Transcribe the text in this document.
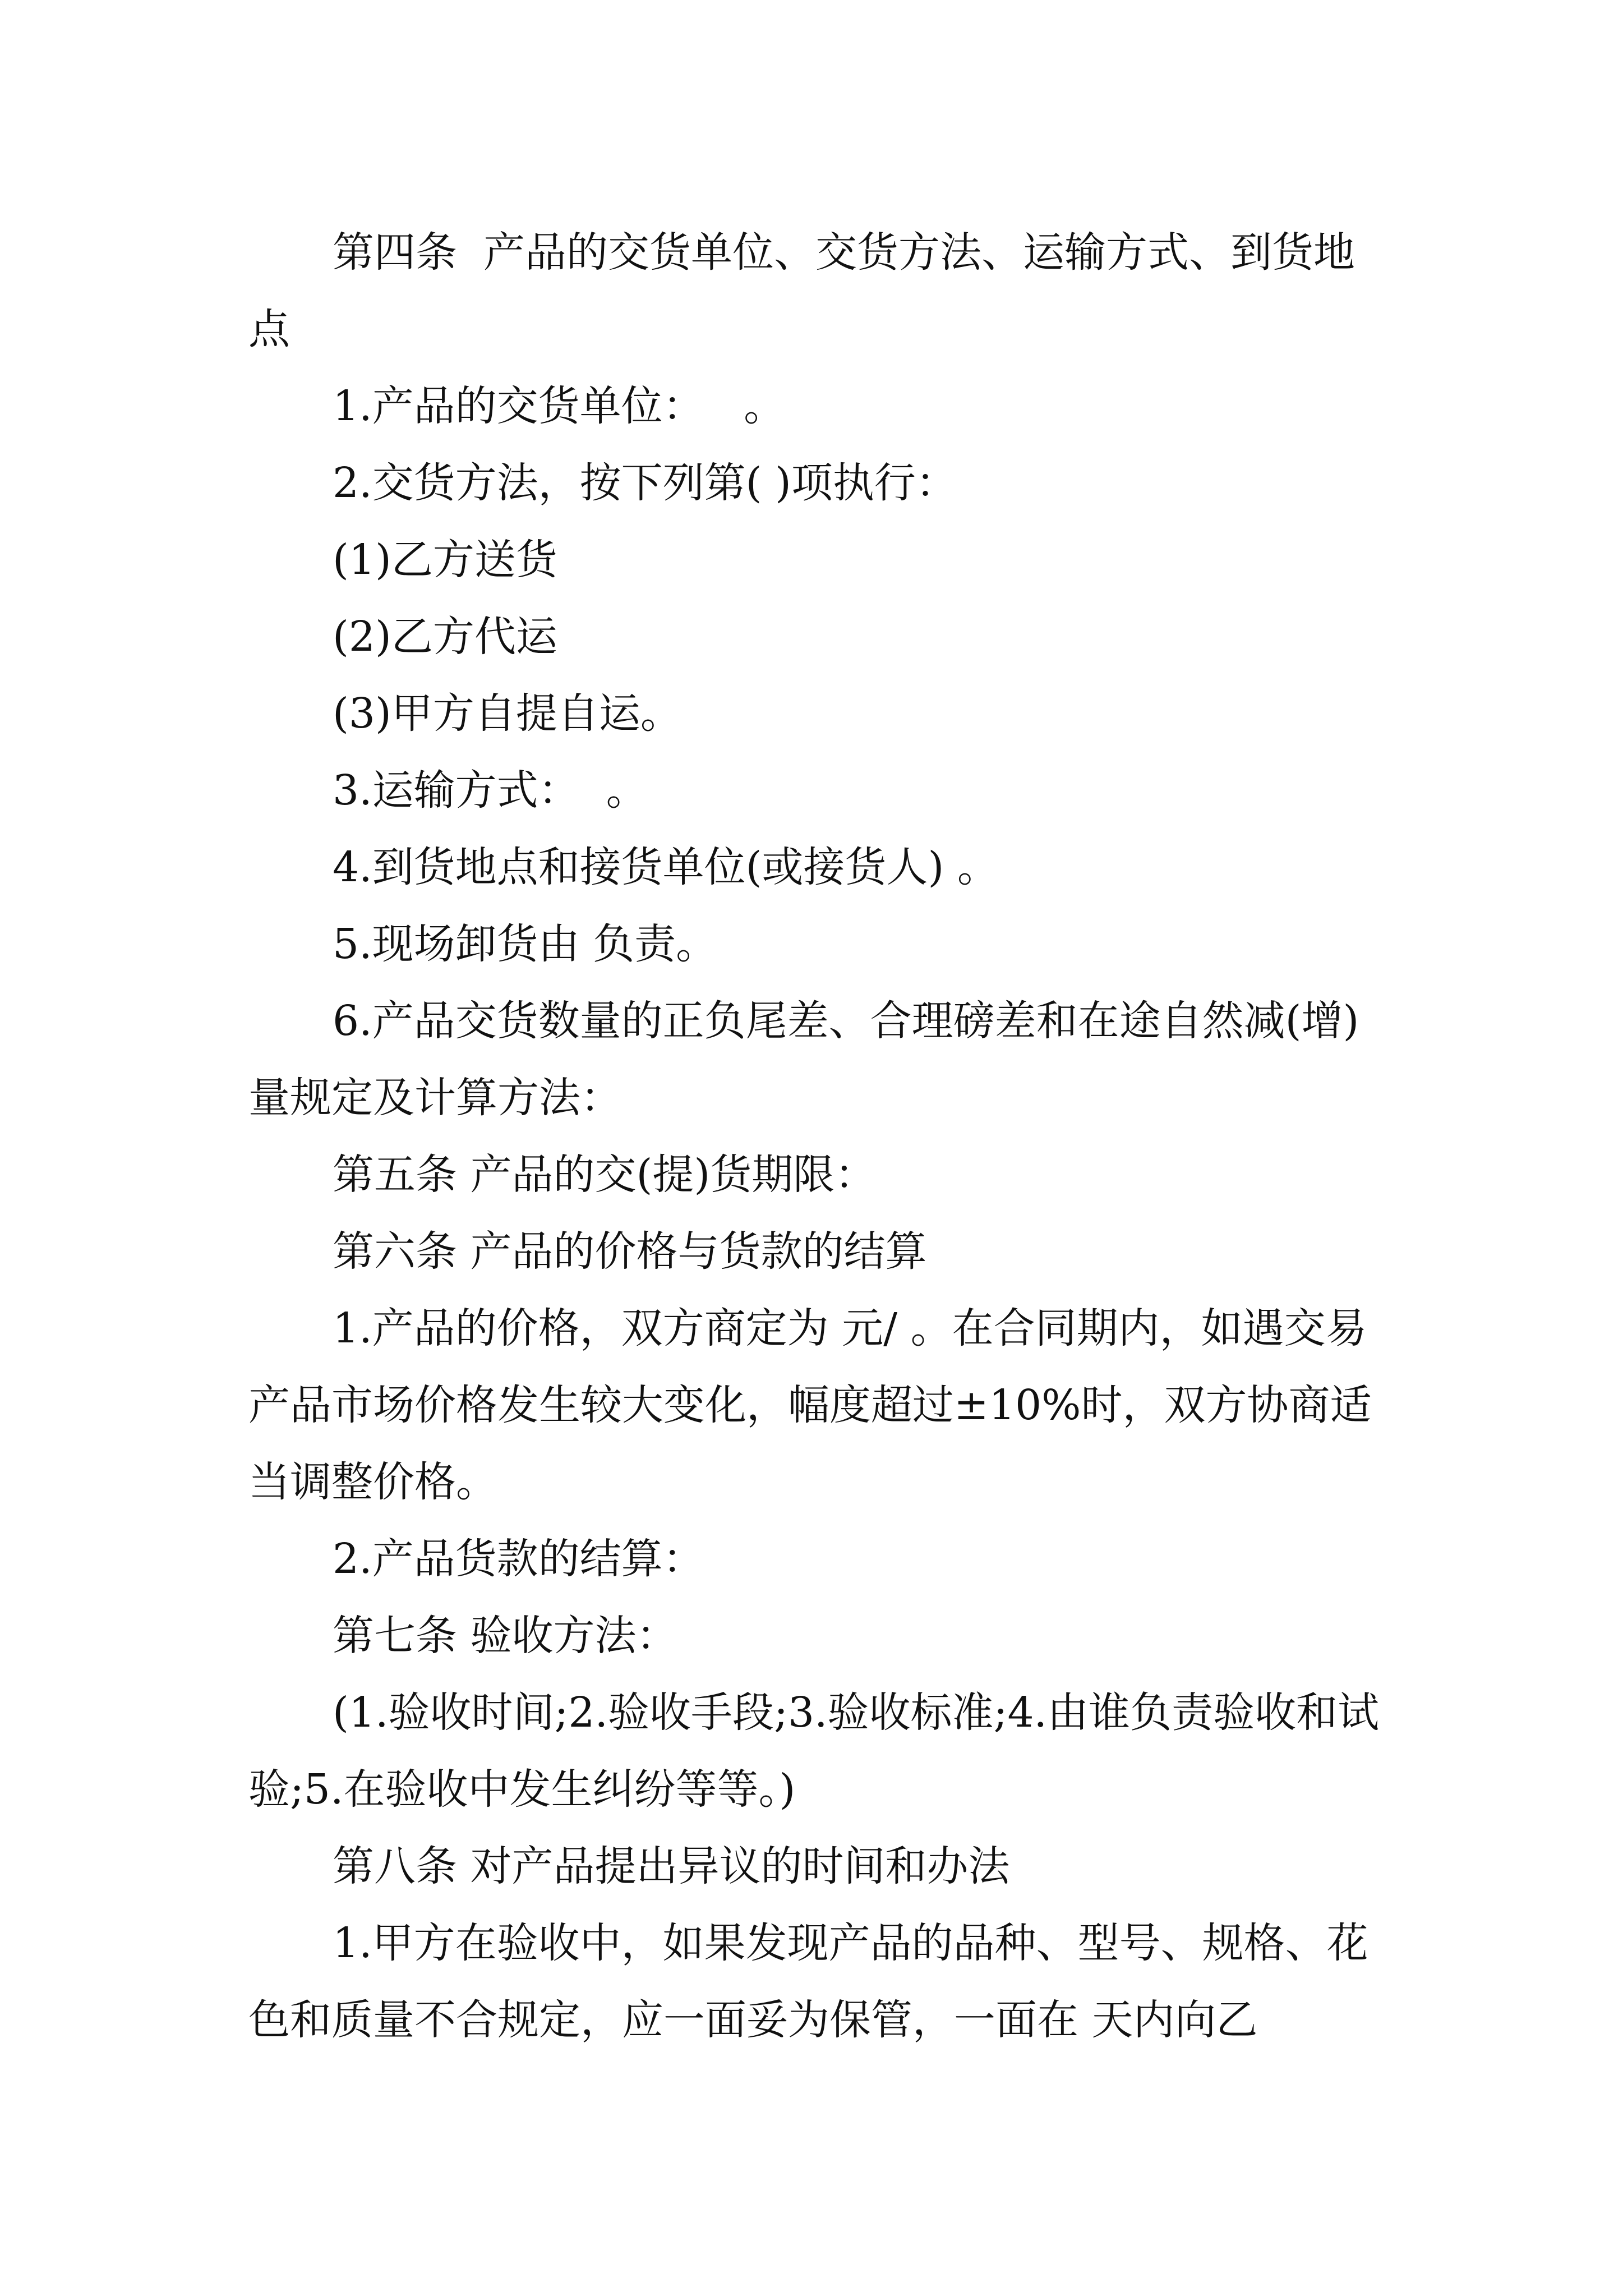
第四条  产品的交货单位、交货方法、运输方式、到货地点

1.产品的交货单位：   。

2.交货方法，按下列第( )项执行：

(1)乙方送货

(2)乙方代运

(3)甲方自提自运。

3.运输方式：  。

4.到货地点和接货单位(或接货人) 。

5.现场卸货由 负责。

6.产品交货数量的正负尾差、合理磅差和在途自然减(增)量规定及计算方法：

第五条 产品的交(提)货期限：

第六条 产品的价格与货款的结算

1.产品的价格，双方商定为 元/ 。在合同期内，如遇交易产品市场价格发生较大变化，幅度超过±10%时，双方协商适当调整价格。

2.产品货款的结算：

第七条 验收方法：

(1.验收时间;2.验收手段;3.验收标准;4.由谁负责验收和试验;5.在验收中发生纠纷等等。)

第八条 对产品提出异议的时间和办法

1.甲方在验收中，如果发现产品的品种、型号、规格、花色和质量不合规定，应一面妥为保管，一面在 天内向乙
